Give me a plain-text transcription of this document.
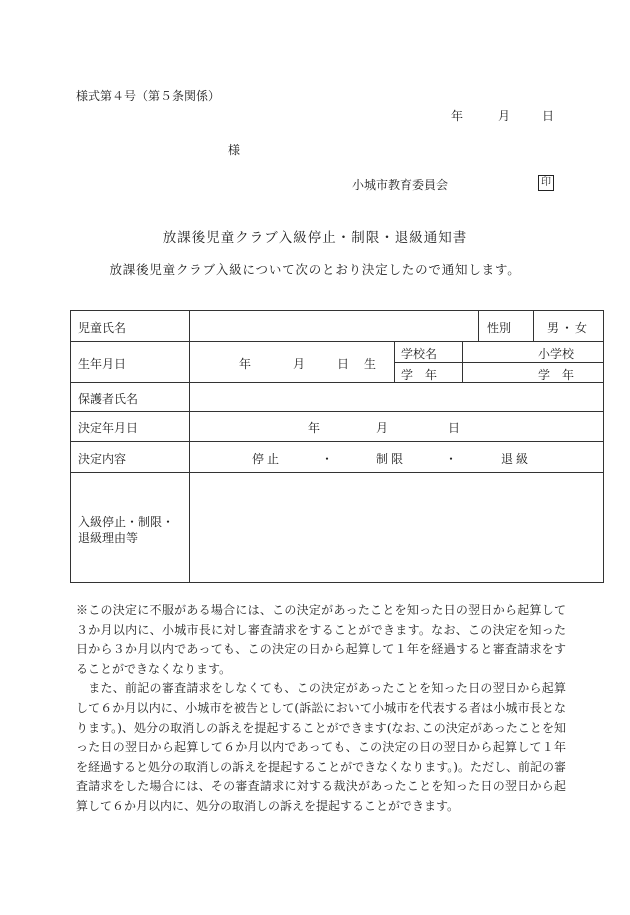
様式第４号（第５条関係）
年	月	日
様
小城市教育委員会	印
放課後児童クラブ入級停止・制限・退級通知書
放課後児童クラブ入級について次のとおり決定したので通知します。
児童氏名	性別	男・女
生年月日	年	月	日 生
学校名	小学校
学　年	学　年
保護者氏名
決定年月日	年	月	日
決定内容	停止	・	制限	・	退級
入級停止・制限・
退級理由等

※この決定に不服がある場合には、この決定があったことを知った日の翌日から起算して３か月以内に、小城市長に対し審査請求をすることができます。なお、この決定を知った日から３か月以内であっても、この決定の日から起算して１年を経過すると審査請求をすることができなくなります。

　また、前記の審査請求をしなくても、この決定があったことを知った日の翌日から起算して６か月以内に、小城市を被告として(訴訟において小城市を代表する者は小城市長となります。)、処分の取消しの訴えを提起することができます(なお､この決定があったことを知った日の翌日から起算して６か月以内であっても、この決定の日の翌日から起算して１年を経過すると処分の取消しの訴えを提起することができなくなります。)。ただし、前記の審査請求をした場合には、その審査請求に対する裁決があったことを知った日の翌日から起算して６か月以内に、処分の取消しの訴えを提起することができます。
